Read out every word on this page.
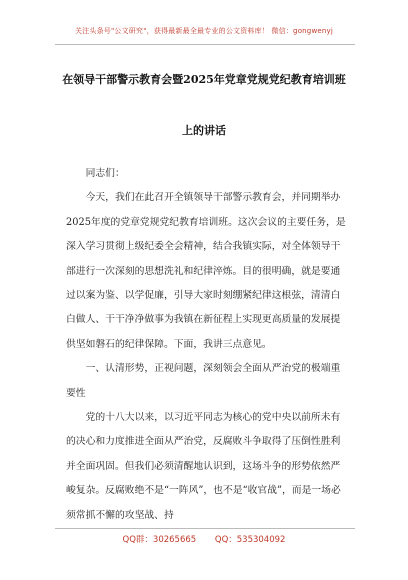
关注头条号"公文研究"，获得最新最全最专业的公文资料库！ 微信：gongwenyj
在领导干部警示教育会暨2025年党章党规党纪教育培训班
上的讲话

同志们：

今天，我们在此召开全镇领导干部警示教育会，并同期举办2025年度的党章党规党纪教育培训班。这次会议的主要任务，是深入学习贯彻上级纪委全会精神，结合我镇实际，对全体领导干部进行一次深刻的思想洗礼和纪律淬炼。目的很明确，就是要通过以案为鉴、以学促廉，引导大家时刻绷紧纪律这根弦，清清白白做人、干干净净做事为我镇在新征程上实现更高质量的发展提供坚如磐石的纪律保障。下面，我讲三点意见。

一、认清形势，正视问题，深刻领会全面从严治党的极端重要性

党的十八大以来，以习近平同志为核心的党中央以前所未有的决心和力度推进全面从严治党，反腐败斗争取得了压倒性胜利并全面巩固。但我们必须清醒地认识到，这场斗争的形势依然严峻复杂。反腐败绝不是“一阵风”，也不是“收官战”，而是一场必须常抓不懈的攻坚战、持

QQ群：30265665 QQ：535304092
